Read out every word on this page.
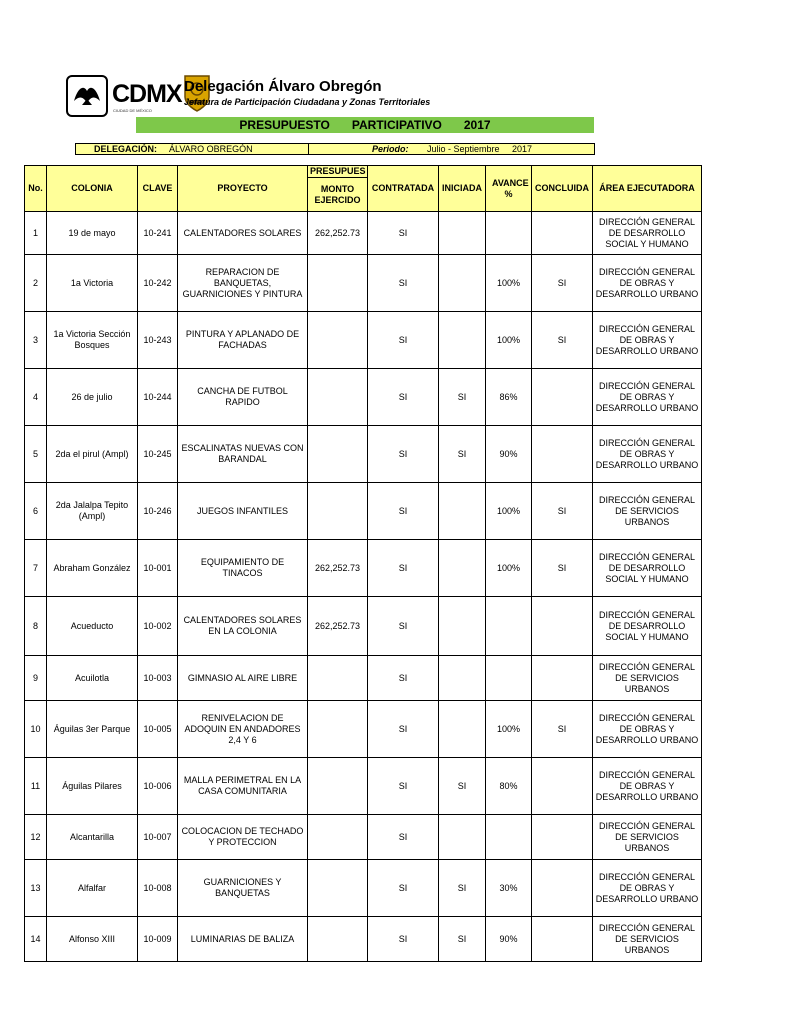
CDMX
CIUDAD DE MÉXICO
Delegación Álvaro Obregón
Jefatura de Participación Ciudadana y Zonas Territoriales
PRESUPUESTO PARTICIPATIVO 2017
DELEGACIÓN: ÁLVARO OBREGÓN	Periodo: Julio - Septiembre 2017
No.	COLONIA	CLAVE	PROYECTO	PRESUPUES	CONTRATADA	INICIADA	AVANCE %	CONCLUIDA	ÁREA EJECUTADORA
				MONTO EJERCIDO					
1	19 de mayo	10-241	CALENTADORES SOLARES	262,252.73	SI				DIRECCIÓN GENERAL DE DESARROLLO SOCIAL Y HUMANO
2	1a Victoria	10-242	REPARACION DE BANQUETAS, GUARNICIONES Y PINTURA		SI		100%	SI	DIRECCIÓN GENERAL DE OBRAS Y DESARROLLO URBANO
3	1a Victoria Sección Bosques	10-243	PINTURA Y APLANADO DE FACHADAS		SI		100%	SI	DIRECCIÓN GENERAL DE OBRAS Y DESARROLLO URBANO
4	26 de julio	10-244	CANCHA DE FUTBOL RAPIDO		SI	SI	86%		DIRECCIÓN GENERAL DE OBRAS Y DESARROLLO URBANO
5	2da el pirul (Ampl)	10-245	ESCALINATAS NUEVAS CON BARANDAL		SI	SI	90%		DIRECCIÓN GENERAL DE OBRAS Y DESARROLLO URBANO
6	2da Jalalpa Tepito (Ampl)	10-246	JUEGOS INFANTILES		SI		100%	SI	DIRECCIÓN GENERAL DE SERVICIOS URBANOS
7	Abraham González	10-001	EQUIPAMIENTO DE TINACOS	262,252.73	SI		100%	SI	DIRECCIÓN GENERAL DE DESARROLLO SOCIAL Y HUMANO
8	Acueducto	10-002	CALENTADORES SOLARES EN LA COLONIA	262,252.73	SI				DIRECCIÓN GENERAL DE DESARROLLO SOCIAL Y HUMANO
9	Acuilotla	10-003	GIMNASIO AL AIRE LIBRE		SI				DIRECCIÓN GENERAL DE SERVICIOS URBANOS
10	Águilas 3er Parque	10-005	RENIVELACION DE ADOQUIN EN ANDADORES 2,4 Y 6		SI		100%	SI	DIRECCIÓN GENERAL DE OBRAS Y DESARROLLO URBANO
11	Águilas Pilares	10-006	MALLA PERIMETRAL EN LA CASA COMUNITARIA		SI	SI	80%		DIRECCIÓN GENERAL DE OBRAS Y DESARROLLO URBANO
12	Alcantarilla	10-007	COLOCACION DE TECHADO Y PROTECCION		SI				DIRECCIÓN GENERAL DE SERVICIOS URBANOS
13	Alfalfar	10-008	GUARNICIONES Y BANQUETAS		SI	SI	30%		DIRECCIÓN GENERAL DE OBRAS Y DESARROLLO URBANO
14	Alfonso XIII	10-009	LUMINARIAS DE BALIZA		SI	SI	90%		DIRECCIÓN GENERAL DE SERVICIOS URBANOS
